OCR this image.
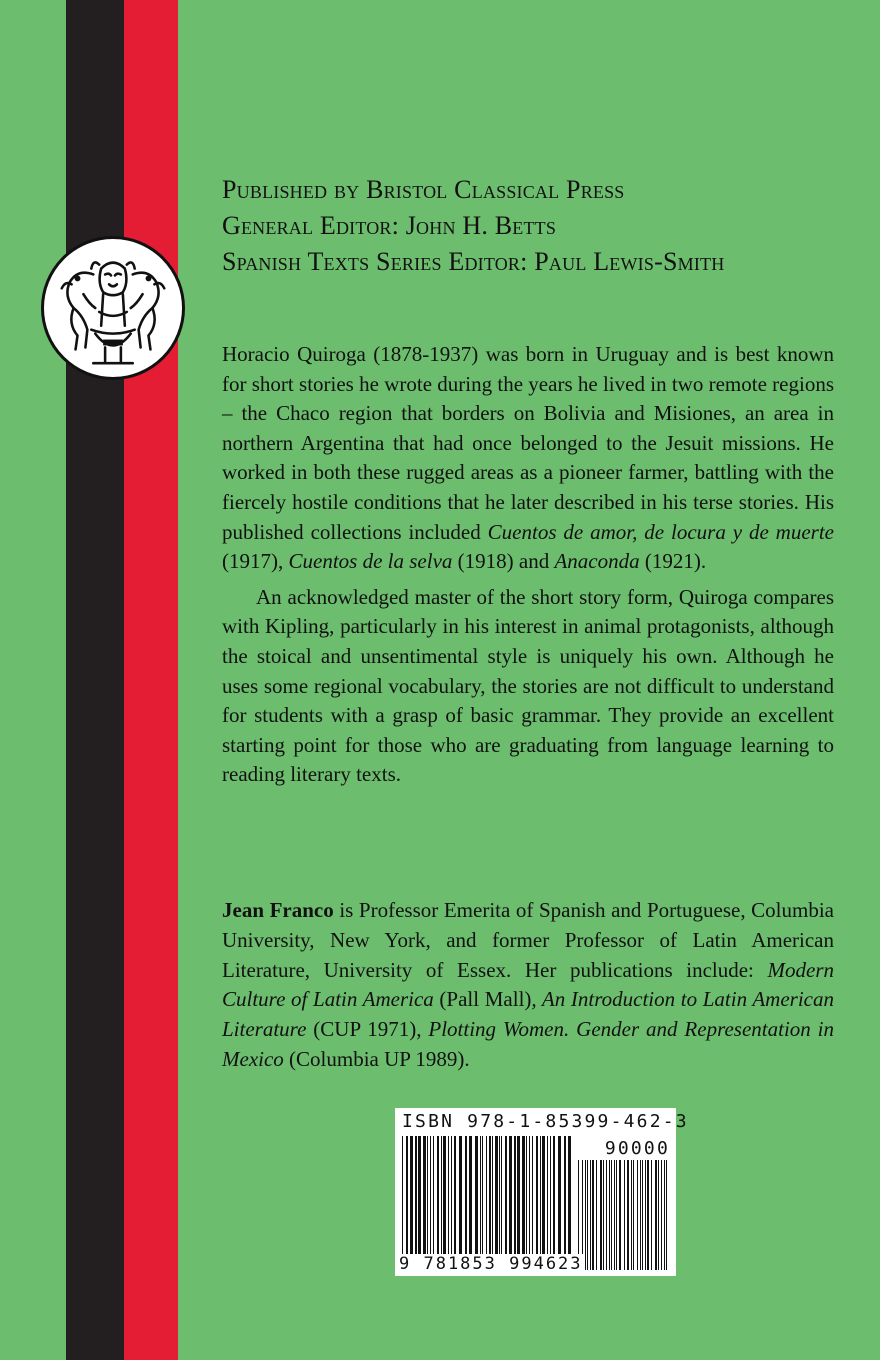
Published by Bristol Classical Press
General Editor: John H. Betts
Spanish Texts Series Editor: Paul Lewis-Smith

Horacio Quiroga (1878-1937) was born in Uruguay and is best known for short stories he wrote during the years he lived in two remote regions – the Chaco region that borders on Bolivia and Misiones, an area in northern Argentina that had once belonged to the Jesuit missions. He worked in both these rugged areas as a pioneer farmer, battling with the fiercely hostile conditions that he later described in his terse stories. His published collections included Cuentos de amor, de locura y de muerte (1917), Cuentos de la selva (1918) and Anaconda (1921).

An acknowledged master of the short story form, Quiroga compares with Kipling, particularly in his interest in animal protagonists, although the stoical and unsentimental style is uniquely his own. Although he uses some regional vocabulary, the stories are not difficult to understand for students with a grasp of basic grammar. They provide an excellent starting point for those who are graduating from language learning to reading literary texts.

Jean Franco is Professor Emerita of Spanish and Portuguese, Columbia University, New York, and former Professor of Latin American Literature, University of Essex. Her publications include: Modern Culture of Latin America (Pall Mall), An Introduction to Latin American Literature (CUP 1971), Plotting Women. Gender and Representation in Mexico (Columbia UP 1989).

ISBN 978-1-85399-462-3
90000
9 781853 994623
